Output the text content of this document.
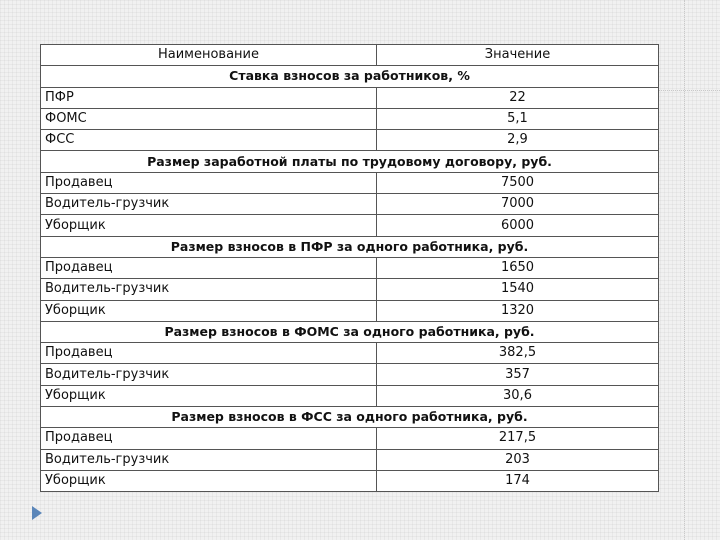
Наименование	Значение
Ставка взносов за работников, %	
ПФР	22
ФОМС	5,1
ФСС	2,9
Размер заработной платы по трудовому договору, руб.	
Продавец	7500
Водитель-грузчик	7000
Уборщик	6000
Размер взносов в ПФР за одного работника, руб.	
Продавец	1650
Водитель-грузчик	1540
Уборщик	1320
Размер взносов в ФОМС за одного работника, руб.	
Продавец	382,5
Водитель-грузчик	357
Уборщик	30,6
Размер взносов в ФСС за одного работника, руб.	
Продавец	217,5
Водитель-грузчик	203
Уборщик	174
